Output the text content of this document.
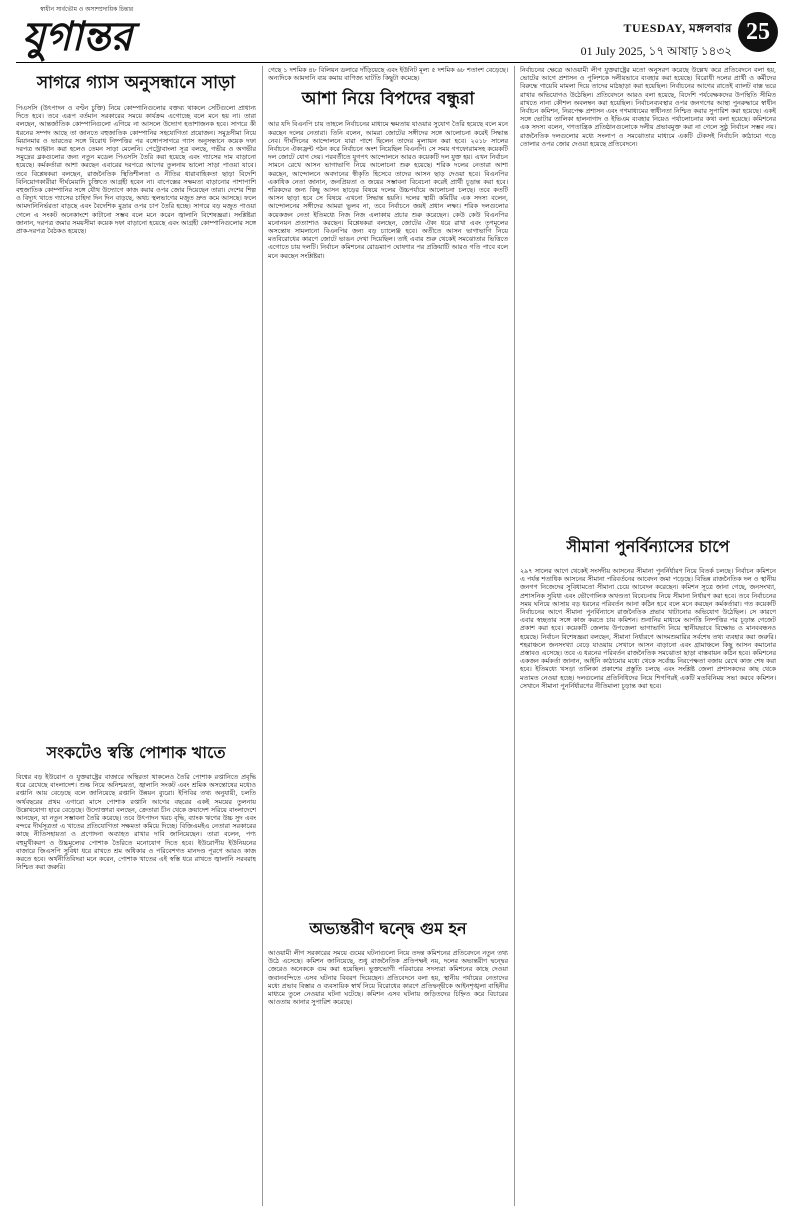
স্বাধীন সার্বভৌম ও অসাম্প্রদায়িক চিন্তার
যুগান্তর	TUESDAY, মঙ্গলবার
01 July 2025, ১৭ আষাঢ় ১৪৩২
25
সাগরে গ্যাস অনুসন্ধানে সাড়া

পিএসসি (উৎপাদন ও বণ্টন চুক্তি) নিয়ে কোম্পানিগুলোর বক্তব্য থাকলে সেটিগুলো প্রাধান্য দিতে হবে। তবে এরূপ বর্তমান সরকারের সময়ে কার্যক্রম এগোচ্ছে বলে মনে হয় না। তারা বলছেন, আন্তর্জাতিক কোম্পানিগুলো এগিয়ে না আসলে উদ্যোগ হতাশাজনক হবে। সাগরে কী ধরনের সম্পদ আছে তা জানতে বহুজাতিক কোম্পানির সহযোগিতা প্রয়োজন। সমুদ্রসীমা নিয়ে মিয়ানমার ও ভারতের সঙ্গে বিরোধ নিষ্পত্তির পর বঙ্গোপসাগরে গ্যাস অনুসন্ধানে কয়েক দফা দরপত্র আহ্বান করা হলেও তেমন সাড়া মেলেনি। পেট্রোবাংলা সূত্র বলছে, গভীর ও অগভীর সমুদ্রের ব্লকগুলোর জন্য নতুন মডেল পিএসসি তৈরি করা হয়েছে এবং গ্যাসের দাম বাড়ানো হয়েছে। কর্মকর্তারা আশা করছেন এবারের দরপত্রে আগের তুলনায় ভালো সাড়া পাওয়া যাবে। তবে বিশ্লেষকরা বলছেন, রাজনৈতিক স্থিতিশীলতা ও নীতির ধারাবাহিকতা ছাড়া বিদেশি বিনিয়োগকারীরা দীর্ঘমেয়াদি চুক্তিতে আগ্রহী হবেন না। বাপেক্সের সক্ষমতা বাড়ানোর পাশাপাশি বহুজাতিক কোম্পানির সঙ্গে যৌথ উদ্যোগে কাজ করার ওপর জোর দিয়েছেন তারা। দেশের শিল্প ও বিদ্যুৎ খাতে গ্যাসের চাহিদা দিন দিন বাড়ছে, অথচ স্থলভাগের মজুত দ্রুত কমে আসছে। ফলে আমদানিনির্ভরতা বাড়ছে এবং বৈদেশিক মুদ্রার ওপর চাপ তৈরি হচ্ছে। সাগরে বড় মজুত পাওয়া গেলে এ সংকট অনেকাংশে কাটানো সম্ভব বলে মনে করেন জ্বালানি বিশেষজ্ঞরা। সংশ্লিষ্টরা জানান, দরপত্র জমার সময়সীমা কয়েক দফা বাড়ানো হয়েছে এবং আগ্রহী কোম্পানিগুলোর সঙ্গে প্রাক-দরপত্র বৈঠকও হয়েছে।

সংকটেও স্বস্তি পোশাক খাতে

বিশ্বের বড় ইউরোপ ও যুক্তরাষ্ট্রের বাজারে অস্থিরতা থাকলেও তৈরি পোশাক রপ্তানিতে প্রবৃদ্ধি ধরে রেখেছে বাংলাদেশ। শুল্ক নিয়ে অনিশ্চয়তা, জ্বালানি সংকট এবং শ্রমিক অসন্তোষের মধ্যেও রপ্তানি আয় বেড়েছে বলে জানিয়েছে রপ্তানি উন্নয়ন ব্যুরো। ইপিবির তথ্য অনুযায়ী, চলতি অর্থবছরের প্রথম এগারো মাসে পোশাক রপ্তানি আগের বছরের একই সময়ের তুলনায় উল্লেখযোগ্য হারে বেড়েছে। উদ্যোক্তারা বলছেন, ক্রেতারা চীন থেকে ক্রয়াদেশ সরিয়ে বাংলাদেশে আনছেন, যা নতুন সম্ভাবনা তৈরি করেছে। তবে উৎপাদন খরচ বৃদ্ধি, ব্যাংক ঋণের উচ্চ সুদ এবং বন্দরে দীর্ঘসূত্রতা এ খাতের প্রতিযোগিতা সক্ষমতা কমিয়ে দিচ্ছে। বিজিএমইএ নেতারা সরকারের কাছে নীতিসহায়তা ও প্রণোদনা অব্যাহত রাখার দাবি জানিয়েছেন। তারা বলেন, পণ্য বহুমুখীকরণ ও উচ্চমূল্যের পোশাক তৈরিতে মনোযোগ দিতে হবে। ইউরোপীয় ইউনিয়নের বাজারে জিএসপি সুবিধা ধরে রাখতে শ্রম অধিকার ও পরিবেশগত মানদণ্ড পূরণে আরও কাজ করতে হবে। অর্থনীতিবিদরা মনে করেন, পোশাক খাতের এই স্বস্তি ধরে রাখতে জ্বালানি সরবরাহ নিশ্চিত করা জরুরি।

গেছে ১ দশমিক ৪৮ বিলিয়ন ডলারে দাঁড়িয়েছে এবং ইউনিট মূল্য ৫ দশমিক ৬৮ শতাংশ বেড়েছে। অন্যদিকে আমদানি ব্যয় কমায় বাণিজ্য ঘাটতি কিছুটা কমেছে।

আশা নিয়ে বিপদের বন্ধুরা

আর যদি বিএনপি চায় তাহলে নির্বাচনের মাধ্যমে ক্ষমতায় যাওয়ার সুযোগ তৈরি হয়েছে বলে মনে করছেন দলের নেতারা। তিনি বলেন, আমরা জোটের সঙ্গীদের সঙ্গে আলোচনা করেই সিদ্ধান্ত নেব। দীর্ঘদিনের আন্দোলনে যারা পাশে ছিলেন তাদের মূল্যায়ন করা হবে। ২০১৮ সালের নির্বাচনে ঐক্যফ্রন্ট গঠন করে নির্বাচনে অংশ নিয়েছিল বিএনপি। সে সময় গণফোরামসহ কয়েকটি দল জোটে যোগ দেয়। পরবর্তীতে যুগপৎ আন্দোলনে আরও কয়েকটি দল যুক্ত হয়। এখন নির্বাচন সামনে রেখে আসন ভাগাভাগি নিয়ে আলোচনা শুরু হয়েছে। শরিক দলের নেতারা আশা করছেন, আন্দোলনে অবদানের স্বীকৃতি হিসেবে তাদের আসন ছাড় দেওয়া হবে। বিএনপির একাধিক নেতা জানান, জনপ্রিয়তা ও জয়ের সম্ভাবনা বিবেচনা করেই প্রার্থী চূড়ান্ত করা হবে। শরিকদের জন্য কিছু আসন ছাড়ের বিষয়ে দলের উচ্চপর্যায়ে আলোচনা চলছে। তবে কতটি আসন ছাড়া হবে সে বিষয়ে এখনো সিদ্ধান্ত হয়নি। দলের স্থায়ী কমিটির এক সদস্য বলেন, আন্দোলনের সঙ্গীদের আমরা ভুলব না, তবে নির্বাচনে জয়ই প্রধান লক্ষ্য। শরিক দলগুলোর কয়েকজন নেতা ইতিমধ্যে নিজ নিজ এলাকায় প্রচার শুরু করেছেন। কেউ কেউ বিএনপির মনোনয়ন প্রত্যাশাও করছেন। বিশ্লেষকরা বলছেন, জোটের ঐক্য ধরে রাখা এবং তৃণমূলের অসন্তোষ সামলানো বিএনপির জন্য বড় চ্যালেঞ্জ হবে। অতীতে আসন ভাগাভাগি নিয়ে মতবিরোধের কারণে জোটে ভাঙন দেখা দিয়েছিল। তাই এবার শুরু থেকেই সমঝোতার ভিত্তিতে এগোতে চায় দলটি। নির্বাচন কমিশনের রোডম্যাপ ঘোষণার পর প্রক্রিয়াটি আরও গতি পাবে বলে মনে করছেন সংশ্লিষ্টরা।

অভ্যন্তরীণ দ্বন্দ্বে গুম হন

আওয়ামী লীগ সরকারের সময়ে গুমের ঘটনাগুলো নিয়ে তদন্ত কমিশনের প্রতিবেদনে নতুন তথ্য উঠে এসেছে। কমিশন জানিয়েছে, শুধু রাজনৈতিক প্রতিপক্ষই নয়, দলের অভ্যন্তরীণ দ্বন্দ্বের জেরেও অনেককে গুম করা হয়েছিল। ভুক্তভোগী পরিবারের সদস্যরা কমিশনের কাছে দেওয়া জবানবন্দিতে এসব ঘটনার বিবরণ দিয়েছেন। প্রতিবেদনে বলা হয়, স্থানীয় পর্যায়ের নেতাদের মধ্যে প্রভাব বিস্তার ও ব্যবসায়িক স্বার্থ নিয়ে বিরোধের কারণে প্রতিদ্বন্দ্বীকে আইনশৃঙ্খলা বাহিনীর মাধ্যমে তুলে নেওয়ার ঘটনা ঘটেছে। কমিশন এসব ঘটনায় জড়িতদের চিহ্নিত করে বিচারের আওতায় আনার সুপারিশ করেছে।

নির্বাচনের ক্ষেত্রে আওয়ামী লীগ যুক্তরাষ্ট্রের মতো অনুসরণ করেছে উল্লেখ করে প্রতিবেদনে বলা হয়, ভোটের আগে প্রশাসন ও পুলিশকে দলীয়ভাবে ব্যবহার করা হয়েছে। বিরোধী দলের প্রার্থী ও কর্মীদের বিরুদ্ধে গায়েবি মামলা দিয়ে তাদের মাঠছাড়া করা হয়েছিল। নির্বাচনের আগের রাতেই ব্যালট বাক্স ভরে রাখার অভিযোগও উঠেছিল। প্রতিবেদনে আরও বলা হয়েছে, বিদেশি পর্যবেক্ষকদের উপস্থিতি সীমিত রাখতে নানা কৌশল অবলম্বন করা হয়েছিল। নির্বাচনব্যবস্থার ওপর জনগণের আস্থা পুনরুদ্ধারে স্বাধীন নির্বাচন কমিশন, নিরপেক্ষ প্রশাসন এবং গণমাধ্যমের স্বাধীনতা নিশ্চিত করার সুপারিশ করা হয়েছে। একই সঙ্গে ভোটার তালিকা হালনাগাদ ও ইভিএম ব্যবহার নিয়েও পর্যালোচনার কথা বলা হয়েছে। কমিশনের এক সদস্য বলেন, গণতান্ত্রিক প্রতিষ্ঠানগুলোকে দলীয় প্রভাবমুক্ত করা না গেলে সুষ্ঠু নির্বাচন সম্ভব নয়। রাজনৈতিক দলগুলোর মধ্যে সংলাপ ও সমঝোতার মাধ্যমে একটি টেকসই নির্বাচনি কাঠামো গড়ে তোলার ওপর জোর দেওয়া হয়েছে প্রতিবেদনে।

সীমানা পুনর্বিন্যাসের চাপে

২৯৭ সালের আগে থেকেই সংসদীয় আসনের সীমানা পুনর্নির্ধারণ নিয়ে বিতর্ক চলছে। নির্বাচন কমিশনে এ পর্যন্ত শতাধিক আসনের সীমানা পরিবর্তনের আবেদন জমা পড়েছে। বিভিন্ন রাজনৈতিক দল ও স্থানীয় জনগণ নিজেদের সুবিধামতো সীমানা চেয়ে আবেদন করেছেন। কমিশন সূত্রে জানা গেছে, জনসংখ্যা, প্রশাসনিক সুবিধা এবং ভৌগোলিক অখণ্ডতা বিবেচনায় নিয়ে সীমানা নির্ধারণ করা হবে। তবে নির্বাচনের সময় ঘনিয়ে আসায় বড় ধরনের পরিবর্তন আনা কঠিন হবে বলে মনে করছেন কর্মকর্তারা। গত কয়েকটি নির্বাচনের আগে সীমানা পুনর্বিন্যাসে রাজনৈতিক প্রভাব খাটানোর অভিযোগ উঠেছিল। সে কারণে এবার স্বচ্ছতার সঙ্গে কাজ করতে চায় কমিশন। শুনানির মাধ্যমে আপত্তি নিষ্পত্তির পর চূড়ান্ত গেজেট প্রকাশ করা হবে। কয়েকটি জেলায় উপজেলা ভাগাভাগি নিয়ে স্থানীয়ভাবে বিক্ষোভ ও মানববন্ধনও হয়েছে। নির্বাচন বিশেষজ্ঞরা বলছেন, সীমানা নির্ধারণে আদমশুমারির সর্বশেষ তথ্য ব্যবহার করা জরুরি। শহরাঞ্চলে জনসংখ্যা বেড়ে যাওয়ায় সেখানে আসন বাড়ানো এবং গ্রামাঞ্চলে কিছু আসন কমানোর প্রস্তাবও এসেছে। তবে এ ধরনের পরিবর্তন রাজনৈতিক সমঝোতা ছাড়া বাস্তবায়ন কঠিন হবে। কমিশনের একজন কর্মকর্তা জানান, আইনি কাঠামোর মধ্যে থেকে সর্বোচ্চ নিরপেক্ষতা বজায় রেখে কাজ শেষ করা হবে। ইতিমধ্যে খসড়া তালিকা প্রকাশের প্রস্তুতি চলছে এবং সংশ্লিষ্ট জেলা প্রশাসকদের কাছ থেকে মতামত নেওয়া হচ্ছে। দলগুলোর প্রতিনিধিদের নিয়ে শিগগিরই একটি মতবিনিময় সভা করবে কমিশন। সেখানে সীমানা পুনর্নির্ধারণের নীতিমালা চূড়ান্ত করা হবে।
